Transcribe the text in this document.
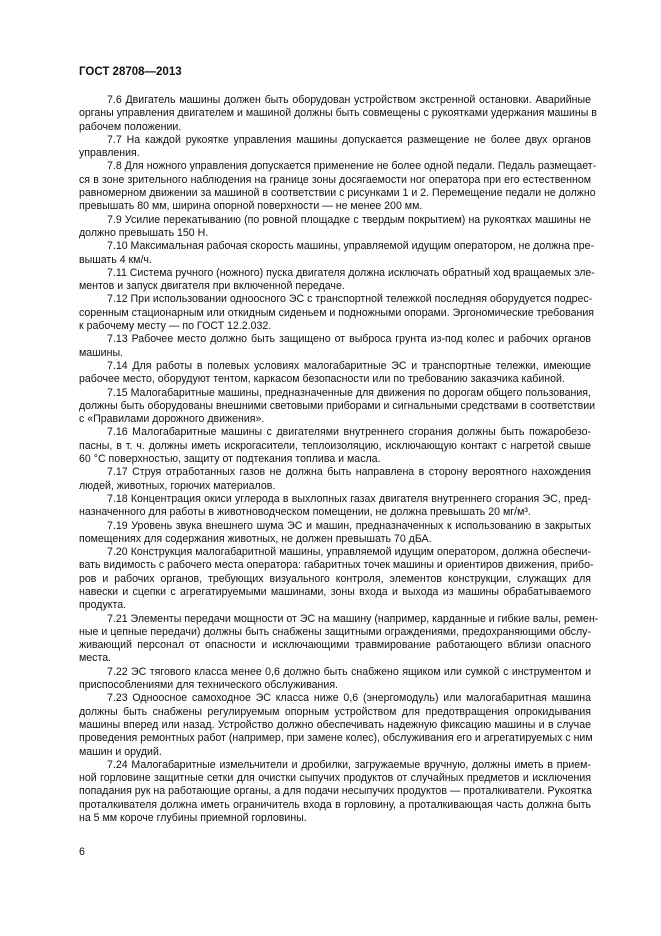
ГОСТ 28708—2013
7.6 Двигатель машины должен быть оборудован устройством экстренной остановки. Аварийные
органы управления двигателем и машиной должны быть совмещены с рукоятками удержания машины в
рабочем положении.
7.7 На каждой рукоятке управления машины допускается размещение не более двух органов
управления.
7.8 Для ножного управления допускается применение не более одной педали. Педаль размещает-
ся в зоне зрительного наблюдения на границе зоны досягаемости ног оператора при его естественном
равномерном движении за машиной в соответствии с рисунками 1 и 2. Перемещение педали не должно
превышать 80 мм, ширина опорной поверхности — не менее 200 мм.
7.9 Усилие перекатыванию (по ровной площадке с твердым покрытием) на рукоятках машины не
должно превышать 150 Н.
7.10 Максимальная рабочая скорость машины, управляемой идущим оператором, не должна пре-
вышать 4 км/ч.
7.11 Система ручного (ножного) пуска двигателя должна исключать обратный ход вращаемых эле-
ментов и запуск двигателя при включенной передаче.
7.12 При использовании одноосного ЭС с транспортной тележкой последняя оборудуется подрес-
соренным стационарным или откидным сиденьем и подножными опорами. Эргономические требования
к рабочему месту — по ГОСТ 12.2.032.
7.13 Рабочее место должно быть защищено от выброса грунта из-под колес и рабочих органов
машины.
7.14 Для работы в полевых условиях малогабаритные ЭС и транспортные тележки, имеющие
рабочее место, оборудуют тентом, каркасом безопасности или по требованию заказчика кабиной.
7.15 Малогабаритные машины, предназначенные для движения по дорогам общего пользования,
должны быть оборудованы внешними световыми приборами и сигнальными средствами в соответствии
с «Правилами дорожного движения».
7.16 Малогабаритные машины с двигателями внутреннего сгорания должны быть пожаробезо-
пасны, в т. ч. должны иметь искрогасители, теплоизоляцию, исключающую контакт с нагретой свыше
60 °С поверхностью, защиту от подтекания топлива и масла.
7.17 Струя отработанных газов не должна быть направлена в сторону вероятного нахождения
людей, животных, горючих материалов.
7.18 Концентрация окиси углерода в выхлопных газах двигателя внутреннего сгорания ЭС, пред-
назначенного для работы в животноводческом помещении, не должна превышать 20 мг/м³.
7.19 Уровень звука внешнего шума ЭС и машин, предназначенных к использованию в закрытых
помещениях для содержания животных, не должен превышать 70 дБА.
7.20 Конструкция малогабаритной машины, управляемой идущим оператором, должна обеспечи-
вать видимость с рабочего места оператора: габаритных точек машины и ориентиров движения, прибо-
ров и рабочих органов, требующих визуального контроля, элементов конструкции, служащих для
навески и сцепки с агрегатируемыми машинами, зоны входа и выхода из машины обрабатываемого
продукта.
7.21 Элементы передачи мощности от ЭС на машину (например, карданные и гибкие валы, ремен-
ные и цепные передачи) должны быть снабжены защитными ограждениями, предохраняющими обслу-
живающий персонал от опасности и исключающими травмирование работающего вблизи опасного
места.
7.22 ЭС тягового класса менее 0,6 должно быть снабжено ящиком или сумкой с инструментом и
приспособлениями для технического обслуживания.
7.23 Одноосное самоходное ЭС класса ниже 0,6 (энергомодуль) или малогабаритная машина
должны быть снабжены регулируемым опорным устройством для предотвращения опрокидывания
машины вперед или назад. Устройство должно обеспечивать надежную фиксацию машины и в случае
проведения ремонтных работ (например, при замене колес), обслуживания его и агрегатируемых с ним
машин и орудий.
7.24 Малогабаритные измельчители и дробилки, загружаемые вручную, должны иметь в прием-
ной горловине защитные сетки для очистки сыпучих продуктов от случайных предметов и исключения
попадания рук на работающие органы, а для подачи несыпучих продуктов — проталкиватели. Рукоятка
проталкивателя должна иметь ограничитель входа в горловину, а проталкивающая часть должна быть
на 5 мм короче глубины приемной горловины.
6
